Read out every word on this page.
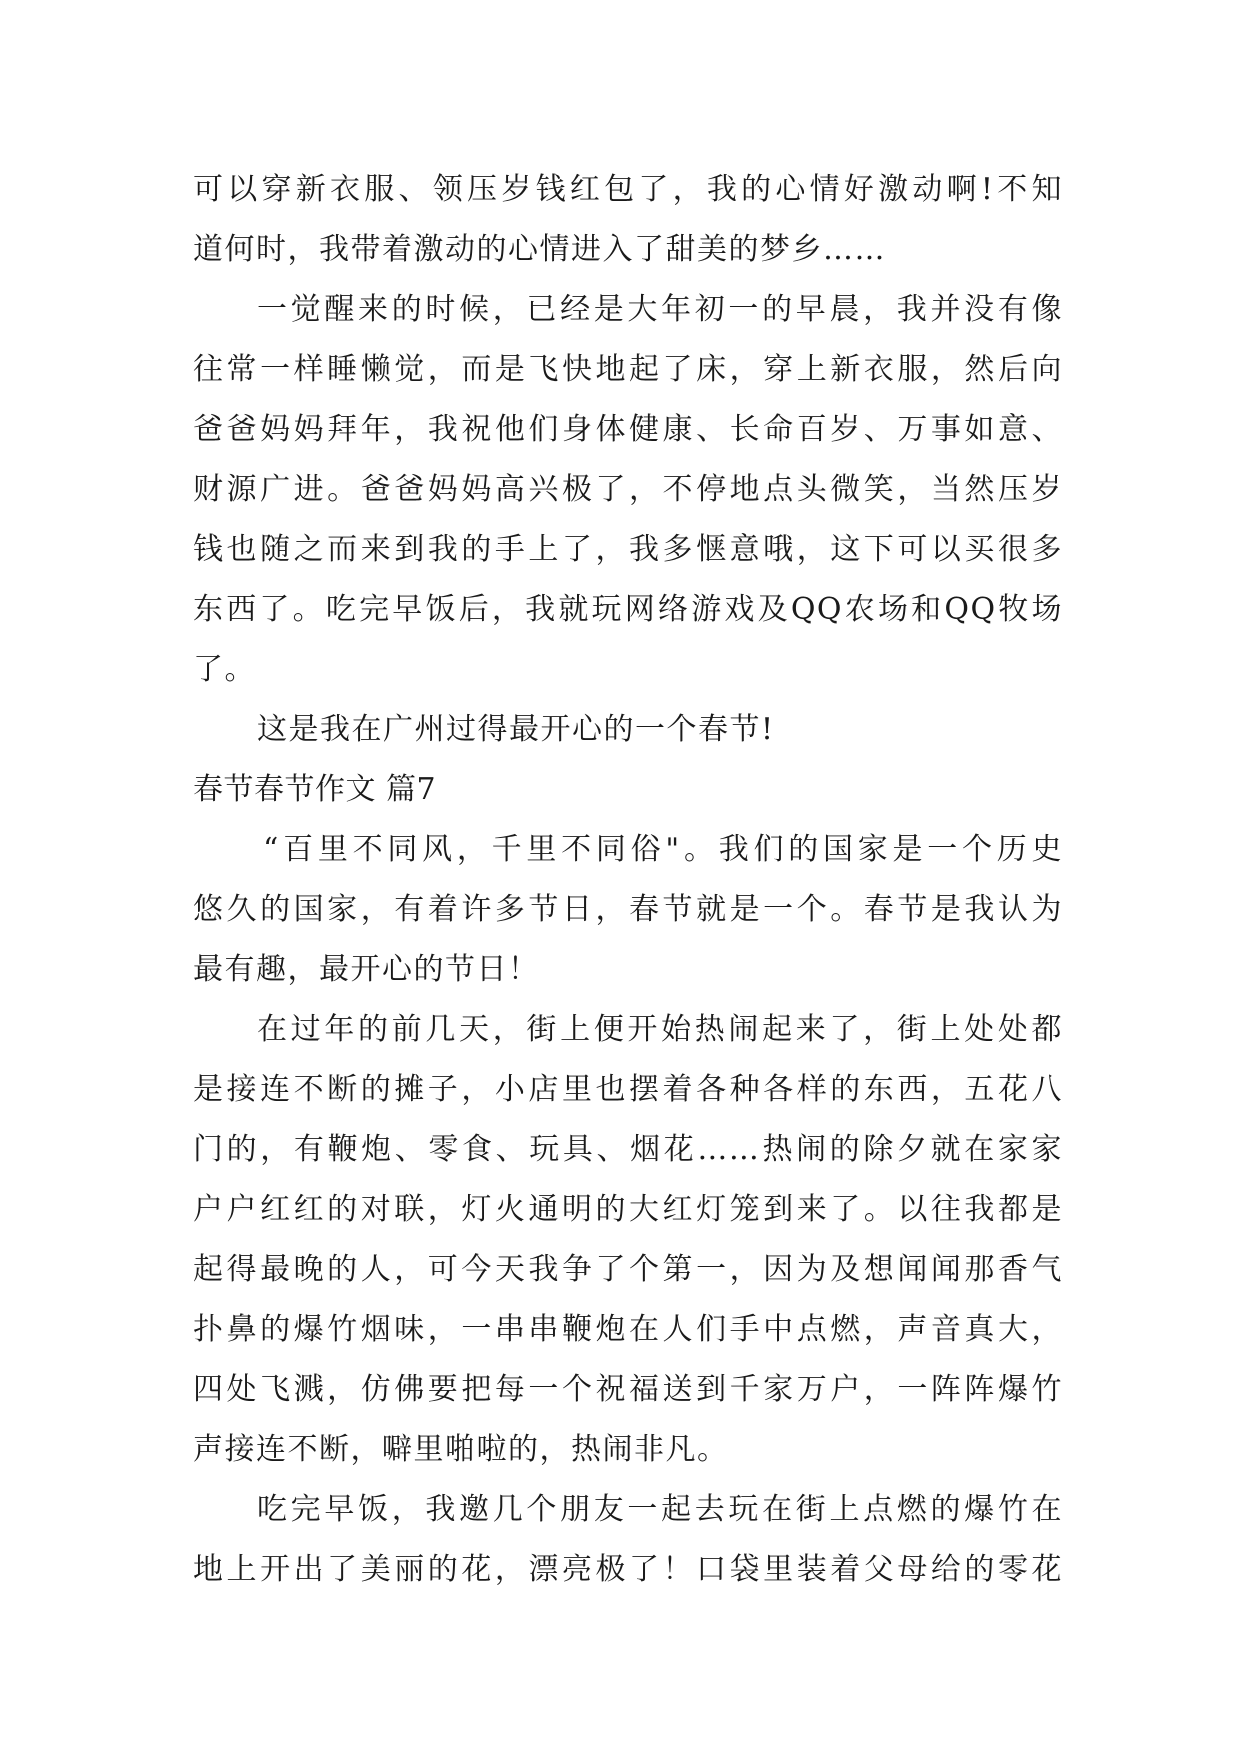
可以穿新衣服、领压岁钱红包了，我的心情好激动啊!不知
道何时，我带着激动的心情进入了甜美的梦乡……
一觉醒来的时候，已经是大年初一的早晨，我并没有像
往常一样睡懒觉，而是飞快地起了床，穿上新衣服，然后向
爸爸妈妈拜年，我祝他们身体健康、长命百岁、万事如意、
财源广进。爸爸妈妈高兴极了，不停地点头微笑，当然压岁
钱也随之而来到我的手上了，我多惬意哦，这下可以买很多
东西了。吃完早饭后，我就玩网络游戏及QQ农场和QQ牧场
了。
这是我在广州过得最开心的一个春节!
春节春节作文 篇7
“百里不同风，千里不同俗"。我们的国家是一个历史
悠久的国家，有着许多节日，春节就是一个。春节是我认为
最有趣，最开心的节日！
在过年的前几天，街上便开始热闹起来了，街上处处都
是接连不断的摊子，小店里也摆着各种各样的东西，五花八
门的，有鞭炮、零食、玩具、烟花……热闹的除夕就在家家
户户红红的对联，灯火通明的大红灯笼到来了。以往我都是
起得最晚的人，可今天我争了个第一，因为及想闻闻那香气
扑鼻的爆竹烟味，一串串鞭炮在人们手中点燃，声音真大，
四处飞溅，仿佛要把每一个祝福送到千家万户，一阵阵爆竹
声接连不断，噼里啪啦的，热闹非凡。
吃完早饭，我邀几个朋友一起去玩在街上点燃的爆竹在
地上开出了美丽的花，漂亮极了！口袋里装着父母给的零花
